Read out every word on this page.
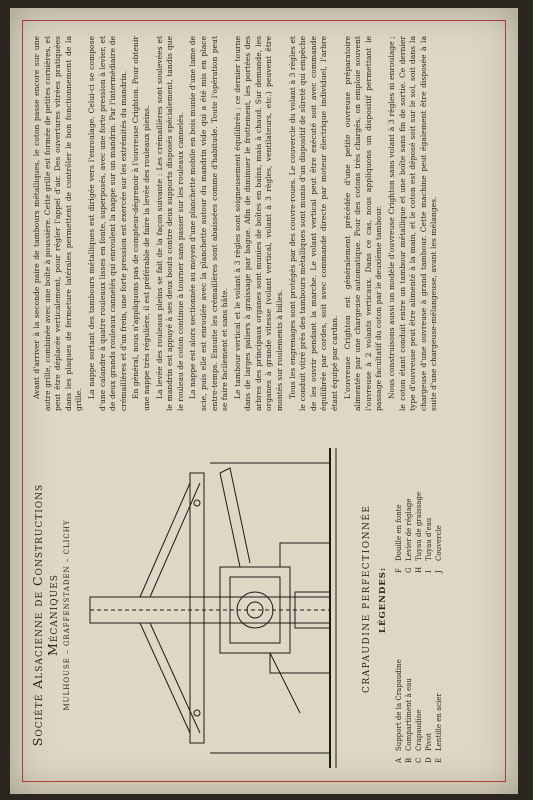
Société Alsacienne de Constructions Mécaniques MULHOUSE – GRAFFENSTADEN – CLICHY	CRAPAUDINE PERFECTIONNÉE LÉGENDES:
ASupport de la Crapaudine
BCompartiment à eau
CCrapaudine
DPivot
ELentille en acier
FDouille en fonte
GLevier de réglage
HTuyau de graissage
ITuyau d'eau
JCouvercle

Avant d'arriver à la seconde paire de tambours métalliques, le coton passe encore sur une autre grille, combinée avec une boîte à poussière. Cette grille est formée de petites cornières, et peut être déplacée verticalement, pour régler l'appel d'air. Des ouvertures vitrées pratiquées dans les plaques de fermeture latérales permettent de contrôler le bon fonctionnement de la grille.

La nappe sortant des tambours métalliques est dirigée vers l'enroulage. Celui-ci se compose d'une calandre à quatre rouleaux lisses en fonte, superposés, avec une forte pression à levier, et de deux grands rouleaux cannelés qui enroulent la nappe sur un mandrin. Par l'intermédiaire de crémaillères et d'un frein, une forte pression est exercée sur les extrémités du mandrin. En général, nous n'appliquons pas de compteur-dégrenoir à l'ouvreuse Crighton. Pour obtenir une nappe très régulière, il est préférable de faire la levée des rouleaux pleins. La levée des rouleaux pleins se fait de la façon suivante : Les crémaillères sont soulevées et le mandrin est appuyé à ses deux bouts contre deux supports disposés spécialement, tandis que le rouleau de coton continue à tourner sans passer sur les rouleaux cannelés. La nappe est alors sectionnée au moyen d'une planchette mobile en bois munie d'une lame de scie, puis elle est enroulée avec la planchette autour du mandrin vide qui a été mis en place entre-temps. Ensuite les crémaillères sont abaissées comme d'habitude. Toute l'opération peut se faire facilement et sans hâte. Le tambour vertical et le volant à 3 règles sont soigneusement équilibrés ; ce dernier tourne dans de larges paliers à graissage par bague. Afin de diminuer le frottement, les portées des arbres des principaux organes sont munies de boîtes en bains, mais à chaud. Sur demande, les organes à grande vitesse (volant vertical, volant à 3 règles, ventilateurs, etc.) peuvent être montés sur roulements à billes. Tous les engrenages sont protégés par des couvre-roues. Le couvercle du volant à 3 règles et le conduit vitré près des tambours métalliques sont munis d'un dispositif de sûreté qui empêche de les ouvrir pendant la marche. Le volant vertical peut être exécuté soit avec commande équilibrée par cordes, soit avec commande directe par moteur électrique individuel, l'arbre étant équipé par cardan. L'ouvreuse Crighton est généralement précédée d'une petite ouvreuse préparatoire alimentée par une chargeuse automatique. Pour des cotons très chargés, on emploie souvent l'ouvreuse à 2 volants verticaux. Dans ce cas, nous appliquons un dispositif permettant le passage facultatif du coton par le deuxième tambour. Nous construisons aussi un modèle d'ouvreuse Crighton sans volant à 3 règles ni enroulage ; le coton étant conduit entre un tambour métallique et une boîte sans fin de sortie. Ce dernier type d'ouvreuse peut être alimenté à la main, et le coton est déposé soit sur le sol, soit dans la chargeuse d'une ouvreuse à grand tambour. Cette machine peut également être disposée à la suite d'une chargeuse-mélangeuse, avant les mélanges.
